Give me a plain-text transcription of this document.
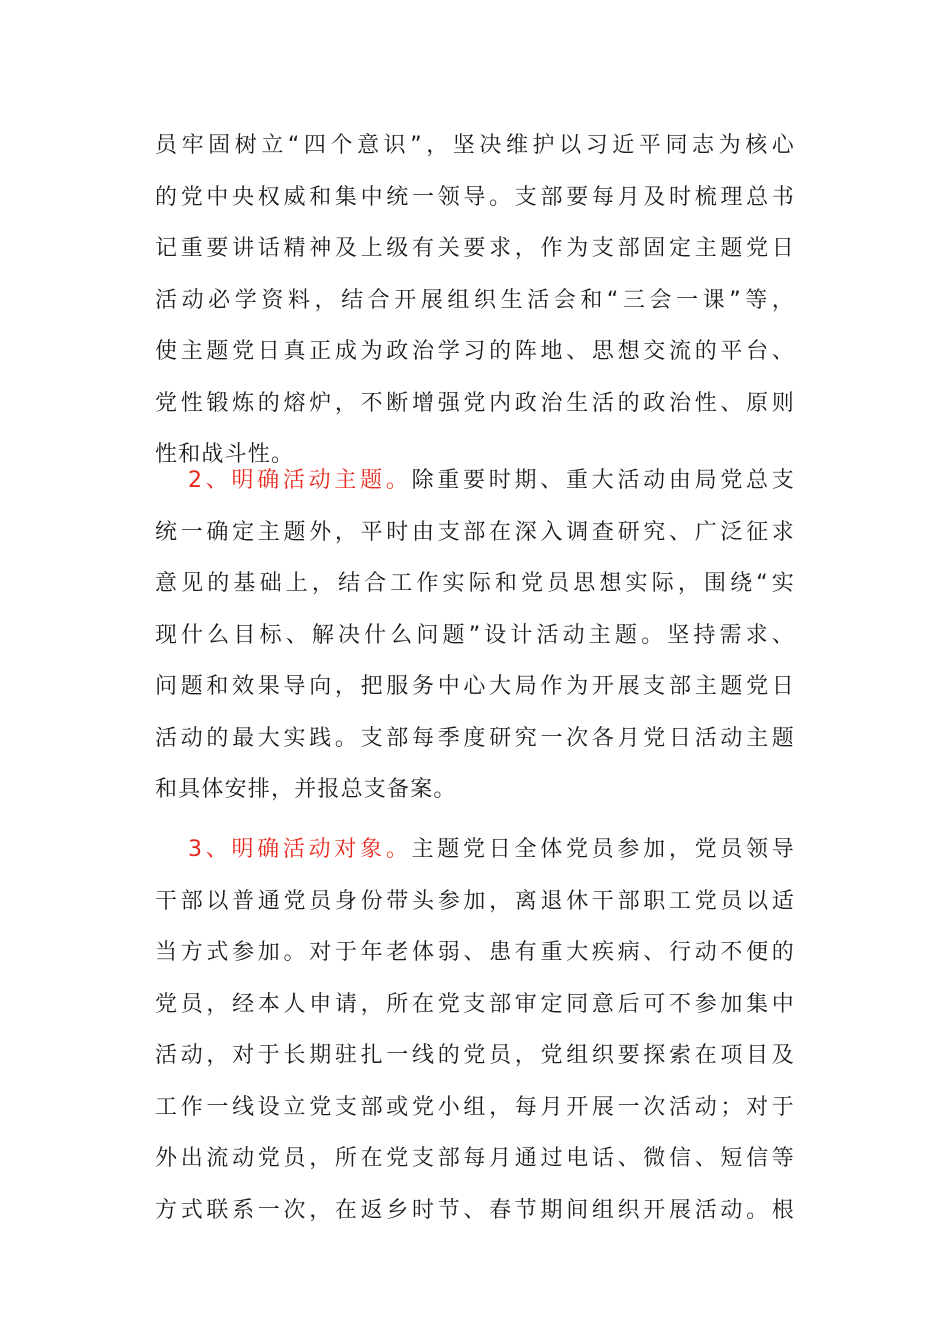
员牢固树立“四个意识”，坚决维护以习近平同志为核心
的党中央权威和集中统一领导。支部要每月及时梳理总书
记重要讲话精神及上级有关要求，作为支部固定主题党日
活动必学资料，结合开展组织生活会和“三会一课”等，
使主题党日真正成为政治学习的阵地、思想交流的平台、
党性锻炼的熔炉，不断增强党内政治生活的政治性、原则
性和战斗性。
2、明确活动主题。除重要时期、重大活动由局党总支
统一确定主题外，平时由支部在深入调查研究、广泛征求
意见的基础上，结合工作实际和党员思想实际，围绕“实
现什么目标、解决什么问题”设计活动主题。坚持需求、
问题和效果导向，把服务中心大局作为开展支部主题党日
活动的最大实践。支部每季度研究一次各月党日活动主题
和具体安排，并报总支备案。
3、明确活动对象。主题党日全体党员参加，党员领导
干部以普通党员身份带头参加，离退休干部职工党员以适
当方式参加。对于年老体弱、患有重大疾病、行动不便的
党员，经本人申请，所在党支部审定同意后可不参加集中
活动，对于长期驻扎一线的党员，党组织要探索在项目及
工作一线设立党支部或党小组，每月开展一次活动；对于
外出流动党员，所在党支部每月通过电话、微信、短信等
方式联系一次，在返乡时节、春节期间组织开展活动。根
